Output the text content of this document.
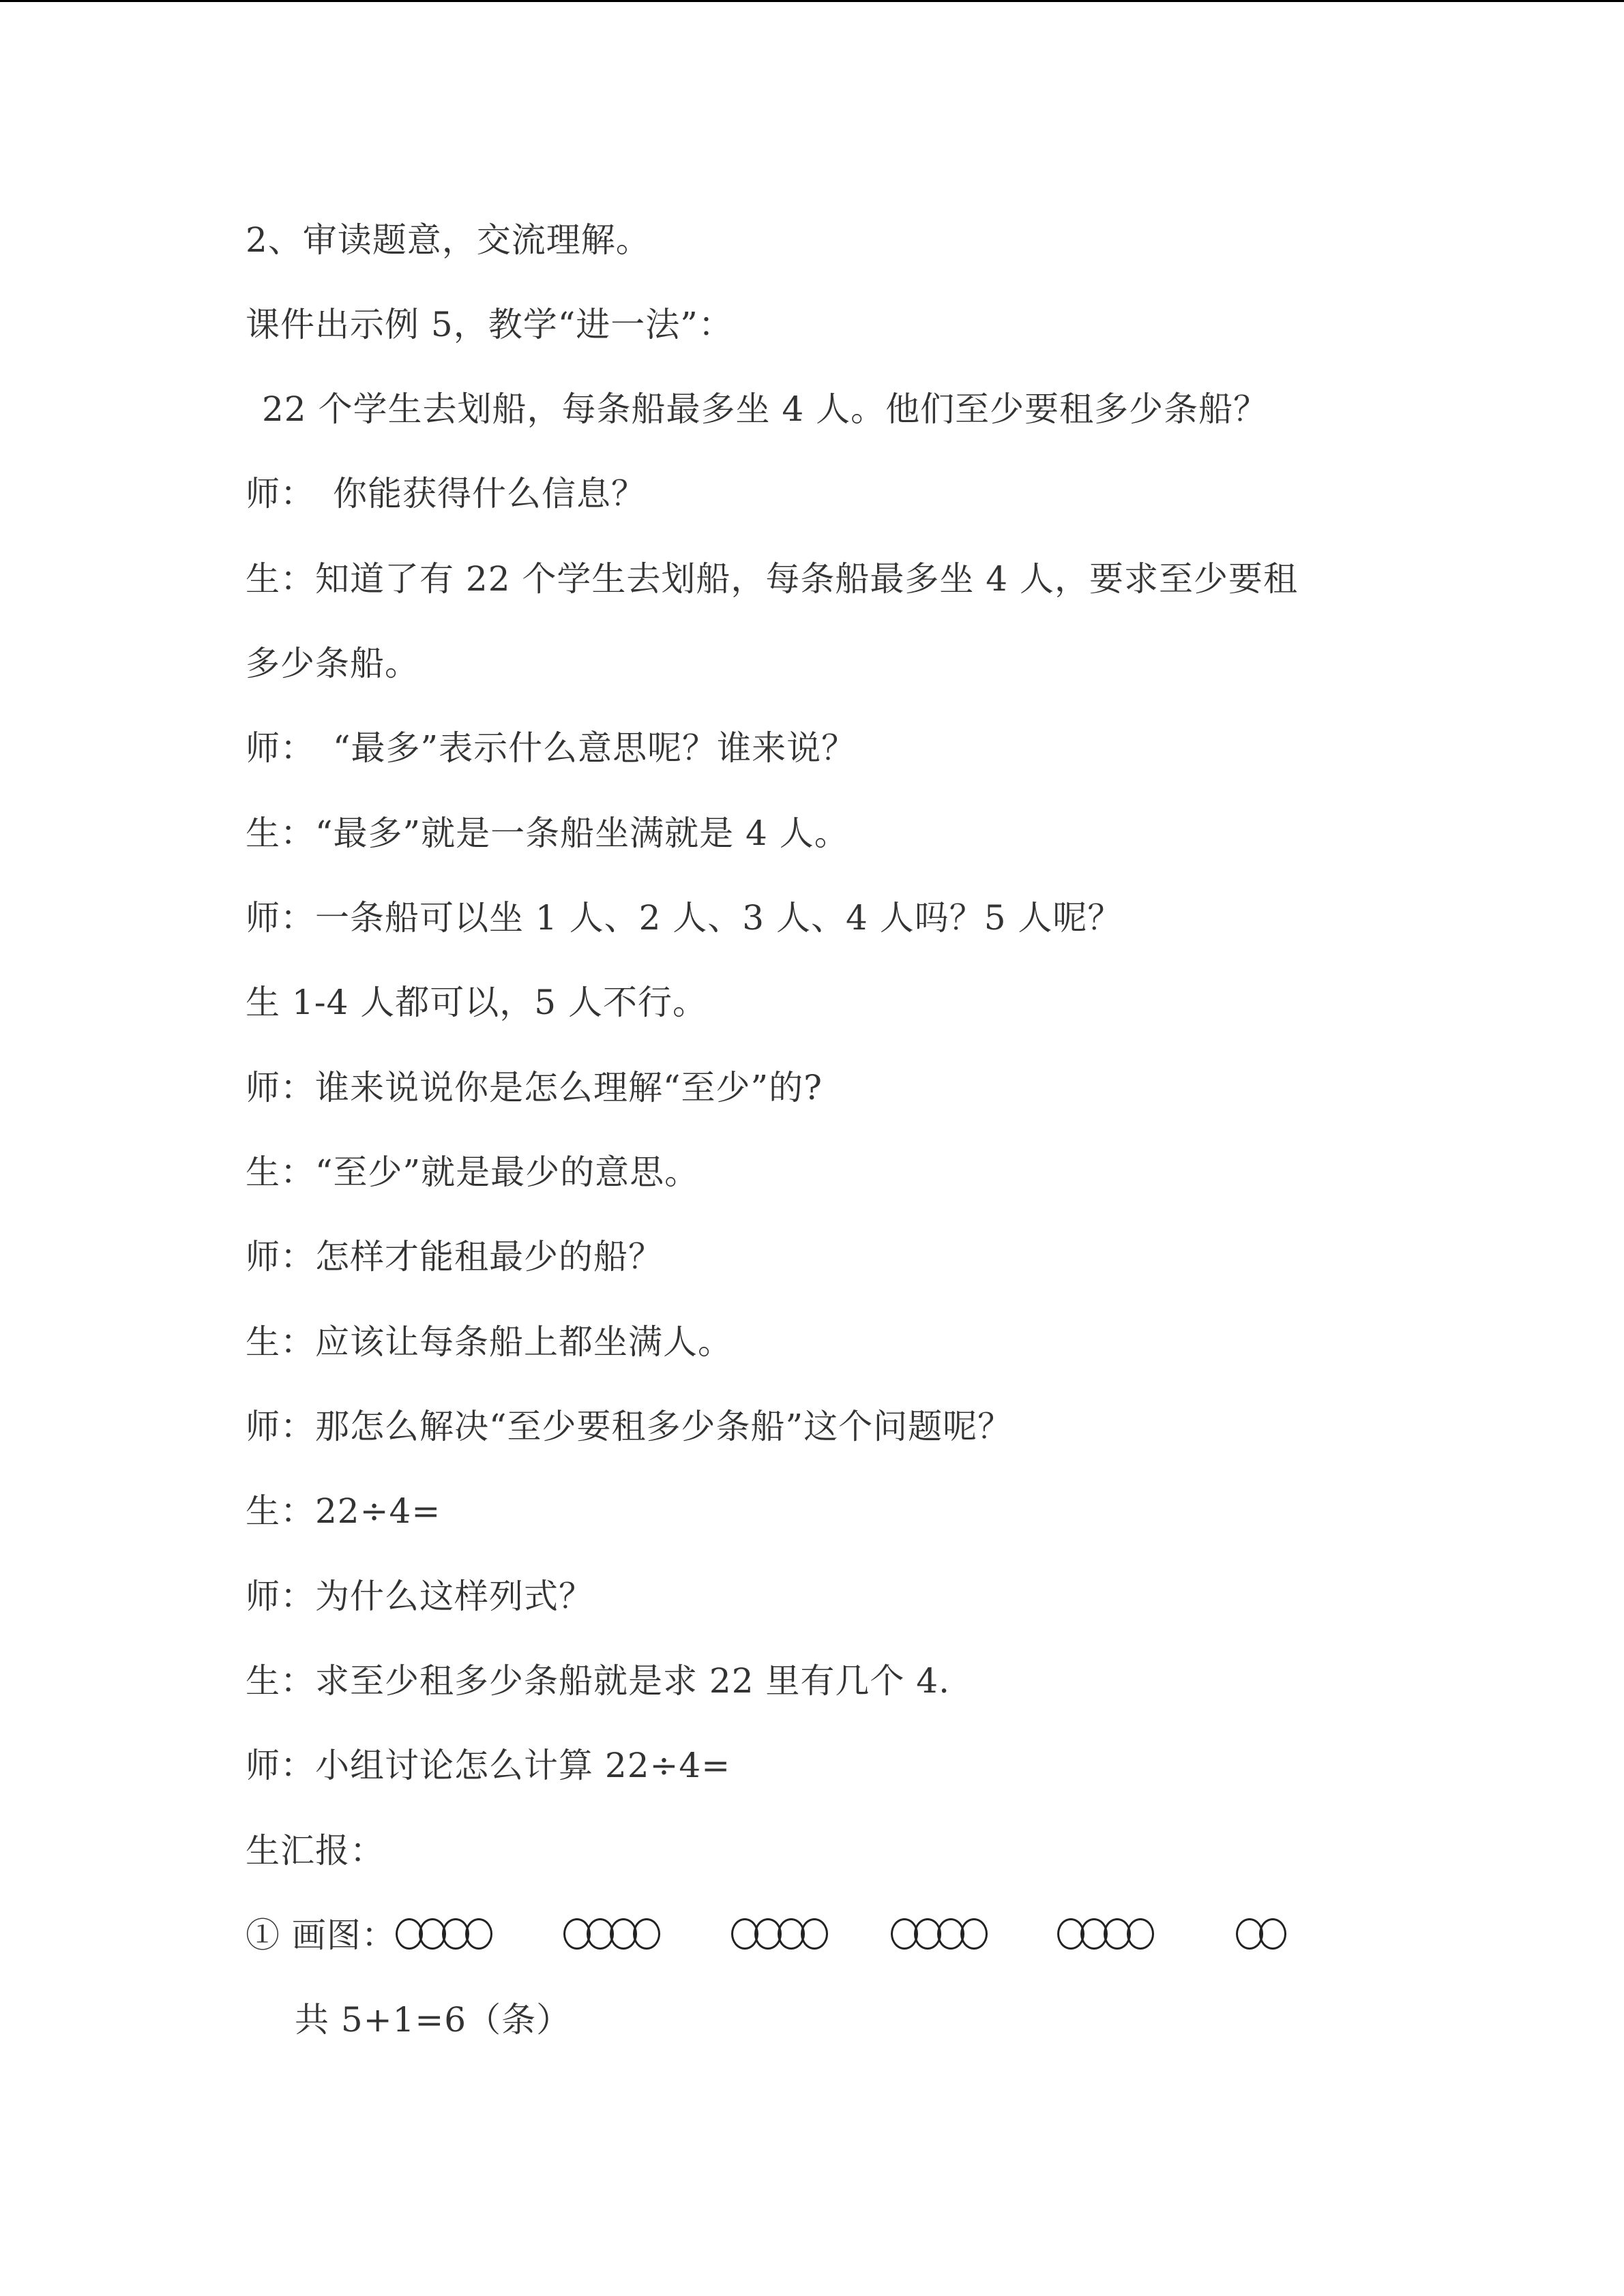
2、审读题意，交流理解。
课件出示例 5，教学“进一法”：
22 个学生去划船，每条船最多坐 4 人。他们至少要租多少条船？
师：　你能获得什么信息？
生：知道了有 22 个学生去划船，每条船最多坐 4 人，要求至少要租
多少条船。
师：　“最多”表示什么意思呢？谁来说？
生：“最多”就是一条船坐满就是 4 人。
师：一条船可以坐 1 人、2 人、3 人、4 人吗？5 人呢？
生 1-4 人都可以，5 人不行。
师：谁来说说你是怎么理解“至少”的?
生：“至少”就是最少的意思。
师：怎样才能租最少的船？
生：应该让每条船上都坐满人。
师：那怎么解决“至少要租多少条船”这个问题呢？
生：22÷4=
师：为什么这样列式？
生：求至少租多少条船就是求 22 里有几个 4.
师：小组讨论怎么计算 22÷4=
生汇报：
① 画图：
共 5+1=6（条）
